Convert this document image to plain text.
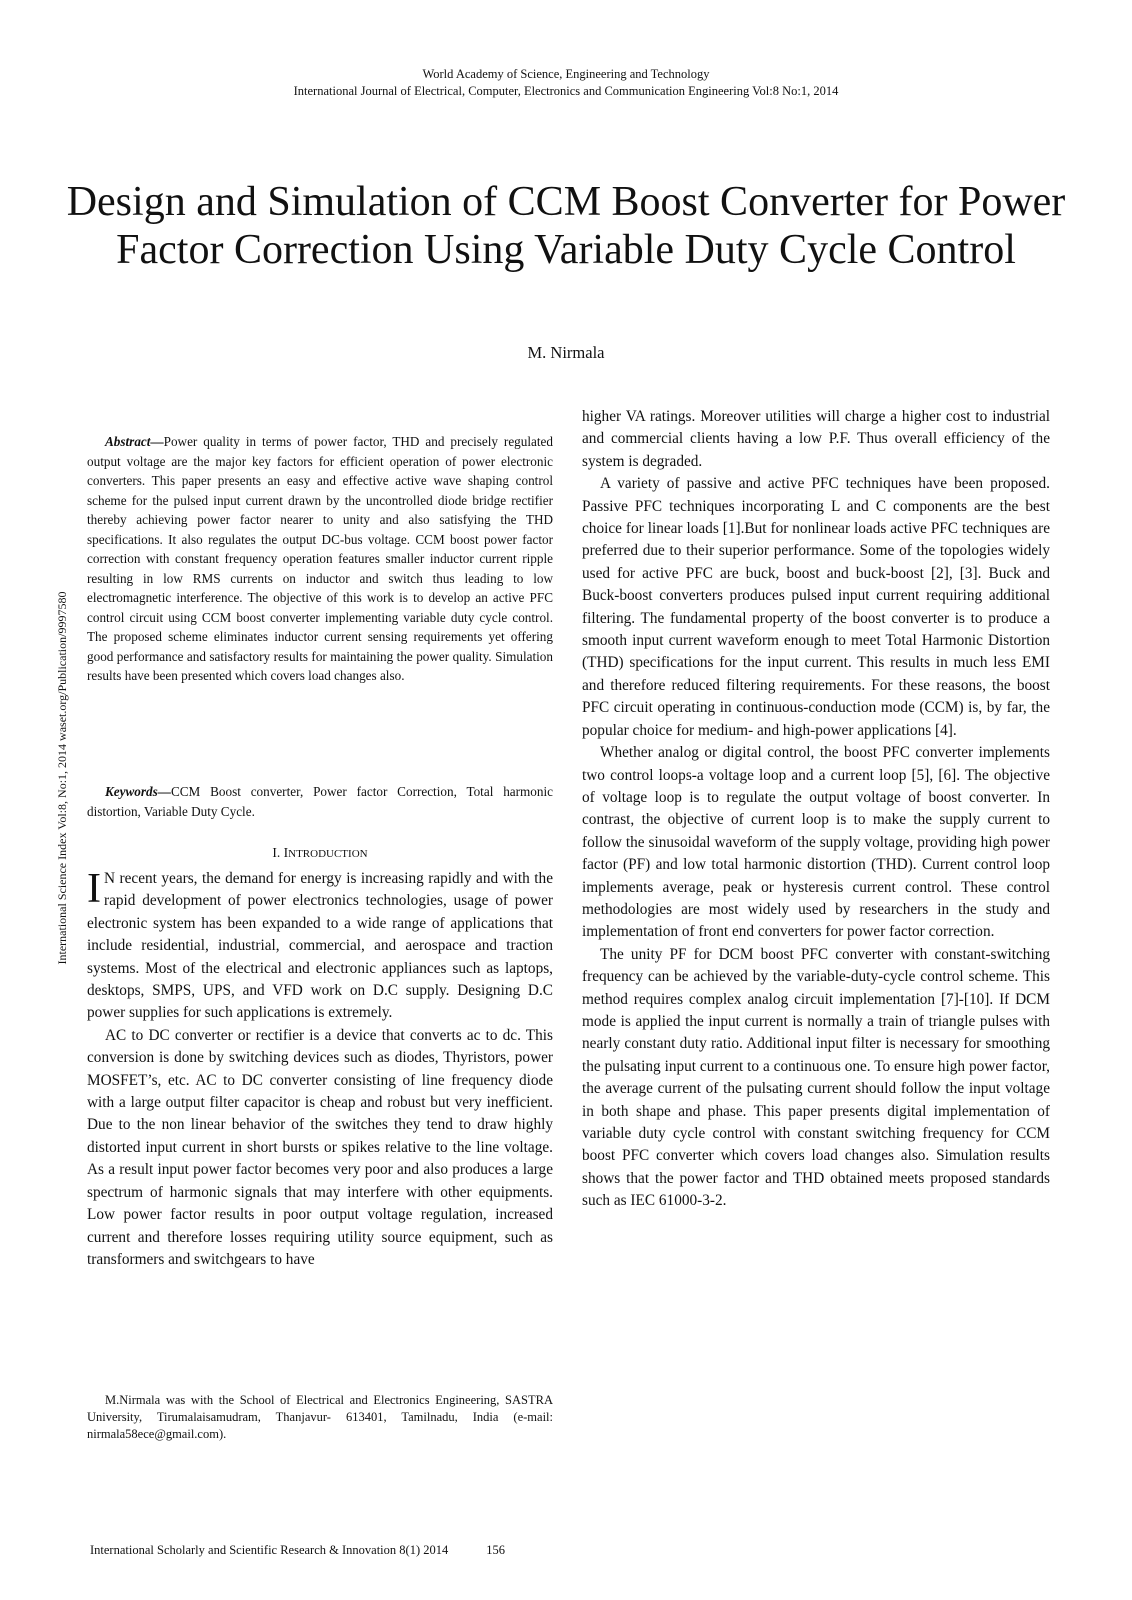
World Academy of Science, Engineering and Technology
International Journal of Electrical, Computer, Electronics and Communication Engineering Vol:8 No:1, 2014
Design and Simulation of CCM Boost Converter for Power Factor Correction Using Variable Duty Cycle Control
M. Nirmala
International Science Index Vol:8, No:1, 2014 waset.org/Publication/9997580

Abstract—Power quality in terms of power factor, THD and precisely regulated output voltage are the major key factors for efficient operation of power electronic converters. This paper presents an easy and effective active wave shaping control scheme for the pulsed input current drawn by the uncontrolled diode bridge rectifier thereby achieving power factor nearer to unity and also satisfying the THD specifications. It also regulates the output DC-bus voltage. CCM boost power factor correction with constant frequency operation features smaller inductor current ripple resulting in low RMS currents on inductor and switch thus leading to low electromagnetic interference. The objective of this work is to develop an active PFC control circuit using CCM boost converter implementing variable duty cycle control. The proposed scheme eliminates inductor current sensing requirements yet offering good performance and satisfactory results for maintaining the power quality. Simulation results have been presented which covers load changes also.

Keywords—CCM Boost converter, Power factor Correction, Total harmonic distortion, Variable Duty Cycle.

I. INTRODUCTION

I N recent years, the demand for energy is increasing rapidly and with the rapid development of power electronics technologies, usage of power electronic system has been expanded to a wide range of applications that include residential, industrial, commercial, and aerospace and traction systems. Most of the electrical and electronic appliances such as laptops, desktops, SMPS, UPS, and VFD work on D.C supply. Designing D.C power supplies for such applications is extremely.

AC to DC converter or rectifier is a device that converts ac to dc. This conversion is done by switching devices such as diodes, Thyristors, power MOSFET’s, etc. AC to DC converter consisting of line frequency diode with a large output filter capacitor is cheap and robust but very inefficient. Due to the non linear behavior of the switches they tend to draw highly distorted input current in short bursts or spikes relative to the line voltage. As a result input power factor becomes very poor and also produces a large spectrum of harmonic signals that may interfere with other equipments. Low power factor results in poor output voltage regulation, increased current and therefore losses requiring utility source equipment, such as transformers and switchgears to have

higher VA ratings. Moreover utilities will charge a higher cost to industrial and commercial clients having a low P.F. Thus overall efficiency of the system is degraded.

A variety of passive and active PFC techniques have been proposed. Passive PFC techniques incorporating L and C components are the best choice for linear loads [1].But for nonlinear loads active PFC techniques are preferred due to their superior performance. Some of the topologies widely used for active PFC are buck, boost and buck-boost [2], [3]. Buck and Buck-boost converters produces pulsed input current requiring additional filtering. The fundamental property of the boost converter is to produce a smooth input current waveform enough to meet Total Harmonic Distortion (THD) specifications for the input current. This results in much less EMI and therefore reduced filtering requirements. For these reasons, the boost PFC circuit operating in continuous-conduction mode (CCM) is, by far, the popular choice for medium- and high-power applications [4].

Whether analog or digital control, the boost PFC converter implements two control loops-a voltage loop and a current loop [5], [6]. The objective of voltage loop is to regulate the output voltage of boost converter. In contrast, the objective of current loop is to make the supply current to follow the sinusoidal waveform of the supply voltage, providing high power factor (PF) and low total harmonic distortion (THD). Current control loop implements average, peak or hysteresis current control. These control methodologies are most widely used by researchers in the study and implementation of front end converters for power factor correction.

The unity PF for DCM boost PFC converter with constant-switching frequency can be achieved by the variable-duty-cycle control scheme. This method requires complex analog circuit implementation [7]-[10]. If DCM mode is applied the input current is normally a train of triangle pulses with nearly constant duty ratio. Additional input filter is necessary for smoothing the pulsating input current to a continuous one. To ensure high power factor, the average current of the pulsating current should follow the input voltage in both shape and phase. This paper presents digital implementation of variable duty cycle control with constant switching frequency for CCM boost PFC converter which covers load changes also. Simulation results shows that the power factor and THD obtained meets proposed standards such as IEC 61000-3-2.

M.Nirmala was with the School of Electrical and Electronics Engineering, SASTRA University, Tirumalaisamudram, Thanjavur- 613401, Tamilnadu, India (e-mail: nirmala58ece@gmail.com).

International Scholarly and Scientific Research & Innovation 8(1) 2014	156
